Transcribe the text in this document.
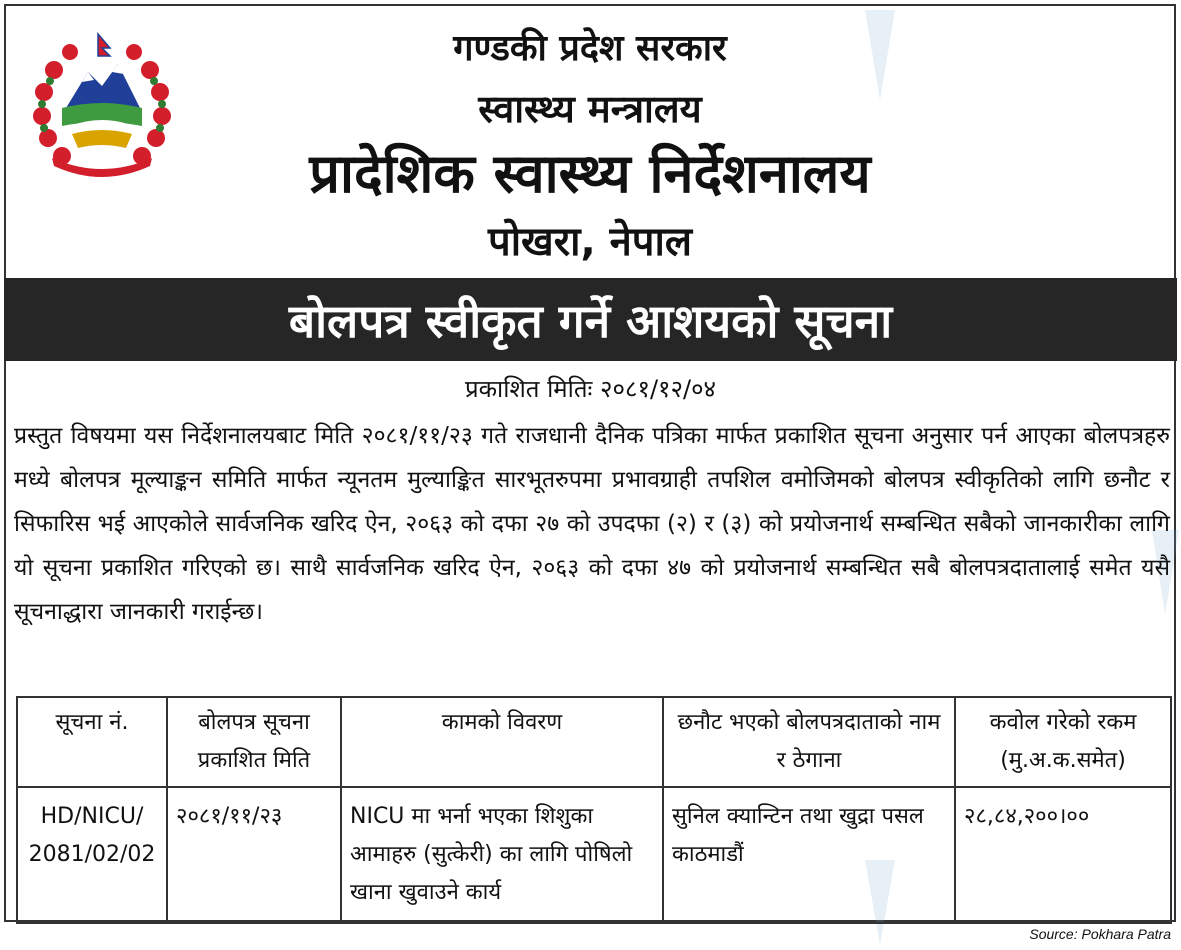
गण्डकी प्रदेश सरकार
स्वास्थ्य मन्त्रालय
प्रादेशिक स्वास्थ्य निर्देशनालय
पोखरा, नेपाल
बोलपत्र स्वीकृत गर्ने आशयको सूचना
प्रकाशित मितिः २०८१/१२/०४
प्रस्तुत विषयमा यस निर्देशनालयबाट मिति २०८१/११/२३ गते राजधानी दैनिक पत्रिका मार्फत प्रकाशित सूचना अनुसार पर्न आएका बोलपत्रहरु मध्ये बोलपत्र मूल्याङ्कन समिति मार्फत न्यूनतम मुल्याङ्कित सारभूतरुपमा प्रभावग्राही तपशिल वमोजिमको बोलपत्र स्वीकृतिको लागि छनौट र सिफारिस भई आएकोले सार्वजनिक खरिद ऐन, २०६३ को दफा २७ को उपदफा (२) र (३) को प्रयोजनार्थ सम्बन्धित सबैको जानकारीका लागि यो सूचना प्रकाशित गरिएको छ। साथै सार्वजनिक खरिद ऐन, २०६३ को दफा ४७ को प्रयोजनार्थ सम्बन्धित सबै बोलपत्रदातालाई समेत यसै सूचनाद्धारा जानकारी गराईन्छ।
सूचना नं.	बोलपत्र सूचना प्रकाशित मिति	कामको विवरण	छनौट भएको बोलपत्रदाताको नाम र ठेगाना	कवोल गरेको रकम (मु.अ.क.समेत)
HD/NICU/ 2081/02/02	२०८१/११/२३	NICU मा भर्ना भएका शिशुका आमाहरु (सुत्केरी) का लागि पोषिलो खाना खुवाउने कार्य	सुनिल क्यान्टिन तथा खुद्रा पसल काठमाडौं	२८,८४,२००।००
Source: Pokhara Patra
